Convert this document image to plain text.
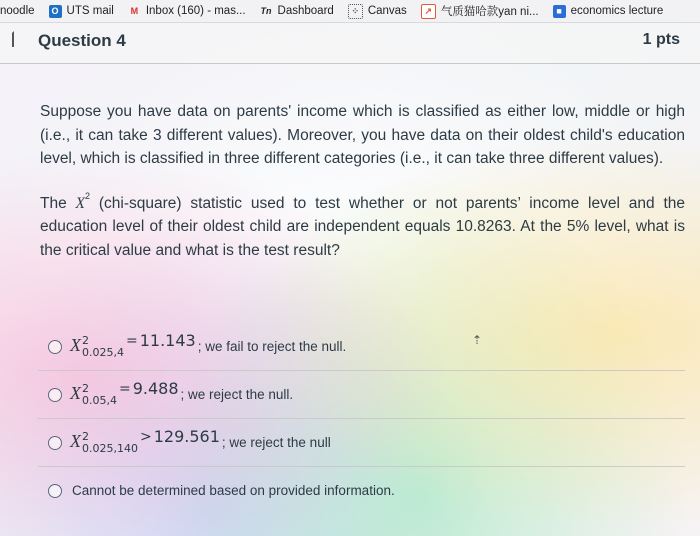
noodle	O UTS mail	M Inbox (160) - mas... Tn Dashboard	⁘ Canvas	↗ 气质猫哈款yan ni...	■ economics lecture
Question 4	1 pts

Suppose you have data on parents' income which is classified as either low, middle or high (i.e., it can take 3 different values). Moreover, you have data on their oldest child's education level, which is classified in three different categories (i.e., it can take three different values).

The $X^2$ (chi-square) statistic used to test whether or not parents’ income level and the education level of their oldest child are independent equals 10.8263. At the 5% level, what is the critical value and what is the test result?

X 2
0.025,4
= 11.143 ; we fail to reject the null.	⇡
X 2
0.05,4
= 9.488 ; we reject the null.
X 2
0.025,140
> 129.561 ; we reject the null
Cannot be determined based on provided information.
